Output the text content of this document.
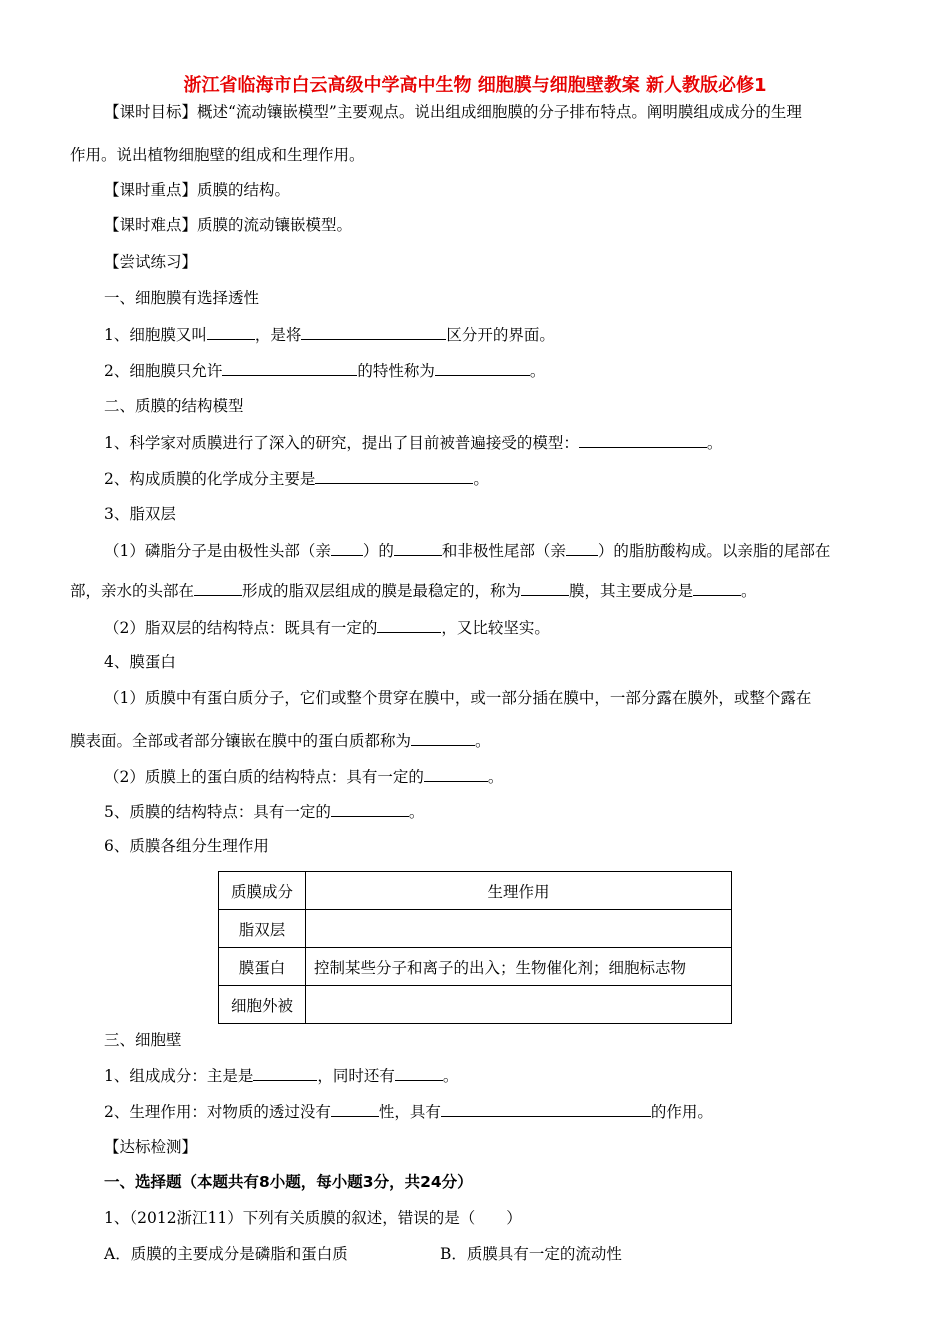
浙江省临海市白云高级中学高中生物 细胞膜与细胞壁教案 新人教版必修1
【课时目标】概述“流动镶嵌模型”主要观点。说出组成细胞膜的分子排布特点。阐明膜组成成分的生理
作用。说出植物细胞壁的组成和生理作用。
【课时重点】质膜的结构。
【课时难点】质膜的流动镶嵌模型。
【尝试练习】
一、细胞膜有选择透性
1、细胞膜又叫	，是将	区分开的界面。
2、细胞膜只允许	的特性称为	。
二、质膜的结构模型
1、科学家对质膜进行了深入的研究，提出了目前被普遍接受的模型：	。
2、构成质膜的化学成分主要是	。
3、脂双层
（1）磷脂分子是由极性头部（亲 ）的	和非极性尾部（亲 ）的脂肪酸构成。以亲脂的尾部在
部，亲水的头部在	形成的脂双层组成的膜是最稳定的，称为	膜，其主要成分是	。
（2）脂双层的结构特点：既具有一定的	，又比较坚实。
4、膜蛋白
（1）质膜中有蛋白质分子，它们或整个贯穿在膜中，或一部分插在膜中，一部分露在膜外，或整个露在
膜表面。全部或者部分镶嵌在膜中的蛋白质都称为	。
（2）质膜上的蛋白质的结构特点：具有一定的	。
5、质膜的结构特点：具有一定的	。
6、质膜各组分生理作用
质膜成分	生理作用
脂双层	
膜蛋白	控制某些分子和离子的出入；生物催化剂；细胞标志物
细胞外被	
三、细胞壁
1、组成成分：主是是	，同时还有	。
2、生理作用：对物质的透过没有	性，具有	的作用。
【达标检测】
一、选择题（本题共有8小题，每小题3分，共24分）
1、（2012浙江11）下列有关质膜的叙述，错误的是（　　）
A．质膜的主要成分是磷脂和蛋白质	B．质膜具有一定的流动性
